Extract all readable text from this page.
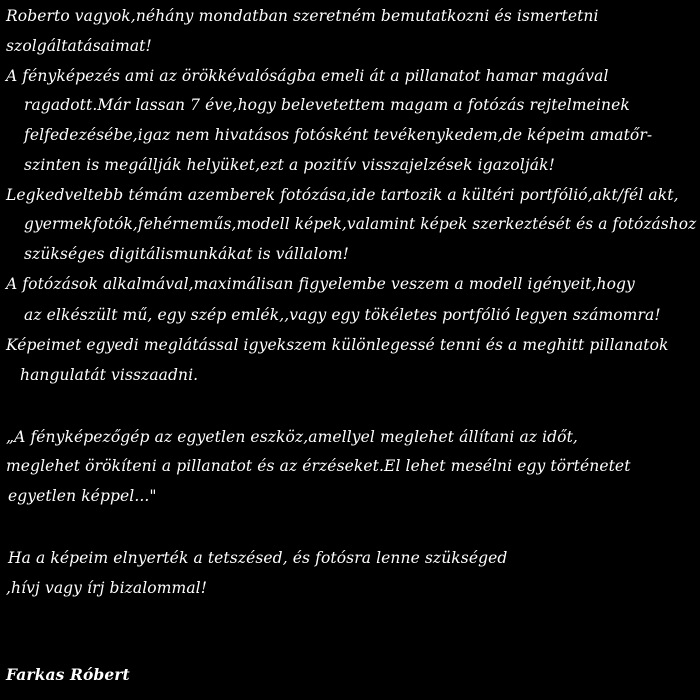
Roberto vagyok,néhány mondatban szeretném bemutatkozni és ismertetni
szolgáltatásaimat!
A fényképezés ami az örökkévalóságba emeli át a pillanatot hamar magával
ragadott.Már lassan 7 éve,hogy belevetettem magam a fotózás rejtelmeinek
felfedezésébe,igaz nem hivatásos fotósként tevékenykedem,de képeim amatőr-
szinten is megállják helyüket,ezt a pozitív visszajelzések igazolják!
Legkedveltebb témám azemberek fotózása,ide tartozik a kültéri portfólió,akt/fél akt,
gyermekfotók,fehérneműs,modell képek,valamint képek szerkeztését és a fotózáshoz
szükséges digitálismunkákat is vállalom!
A fotózások alkalmával,maximálisan figyelembe veszem a modell igényeit,hogy
az elkészült mű, egy szép emlék,,vagy egy tökéletes portfólió legyen számomra!
Képeimet egyedi meglátással igyekszem különlegessé tenni és a meghitt pillanatok
hangulatát visszaadni.
„A fényképezőgép az egyetlen eszköz,amellyel meglehet állítani az időt,
meglehet örökíteni a pillanatot és az érzéseket.El lehet mesélni egy történetet
egyetlen képpel..."
Ha a képeim elnyerték a tetszésed, és fotósra lenne szükséged
,hívj vagy írj bizalommal!
Farkas Róbert
